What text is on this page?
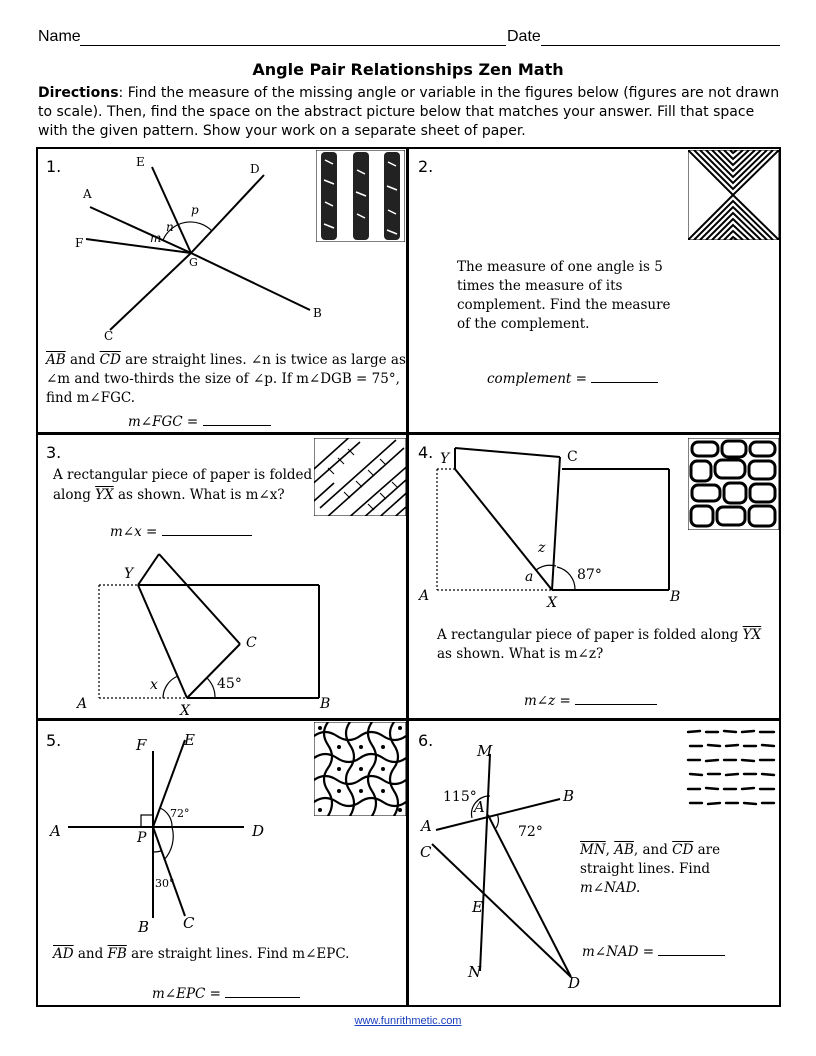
Name	Date
Angle Pair Relationships Zen Math
Directions: Find the measure of the missing angle or variable in the figures below (figures are not drawn to scale). Then, find the space on the abstract picture below that matches your answer. Fill that space with the given pattern. Show your work on a separate sheet of paper.
1.
A
E	D
F
G
B
C
m
n
p
$\overline{AB}$ and $\overline{CD}$ are straight lines. ∠n is twice as large as
∠m and two-thirds the size of ∠p. If m∠DGB = 75°,
find m∠FGC.
m∠FGC =
2.
The measure of one angle is 5
times the measure of its
complement. Find the measure
of the complement.
complement =
3.
A rectangular piece of paper is folded
along $\overline{YX}$ as shown. What is m∠x?
m∠x =
Y
C
A	X	B
x	45°
4. Y	C
A	X	B
z
a	87°
A rectangular piece of paper is folded along $\overline{YX}$
as shown. What is m∠z?
m∠z =
5.
A	D
F	E
P
B C
72°
30°
$\overline{AD}$ and $\overline{FB}$ are straight lines. Find m∠EPC.
m∠EPC =
6.
M
115°
A
B
A	72°
C
E
N
D
$\overline{MN}$, $\overline{AB}$, and $\overline{CD}$ are
straight lines. Find
m∠NAD.
m∠NAD =
www.funrithmetic.com
